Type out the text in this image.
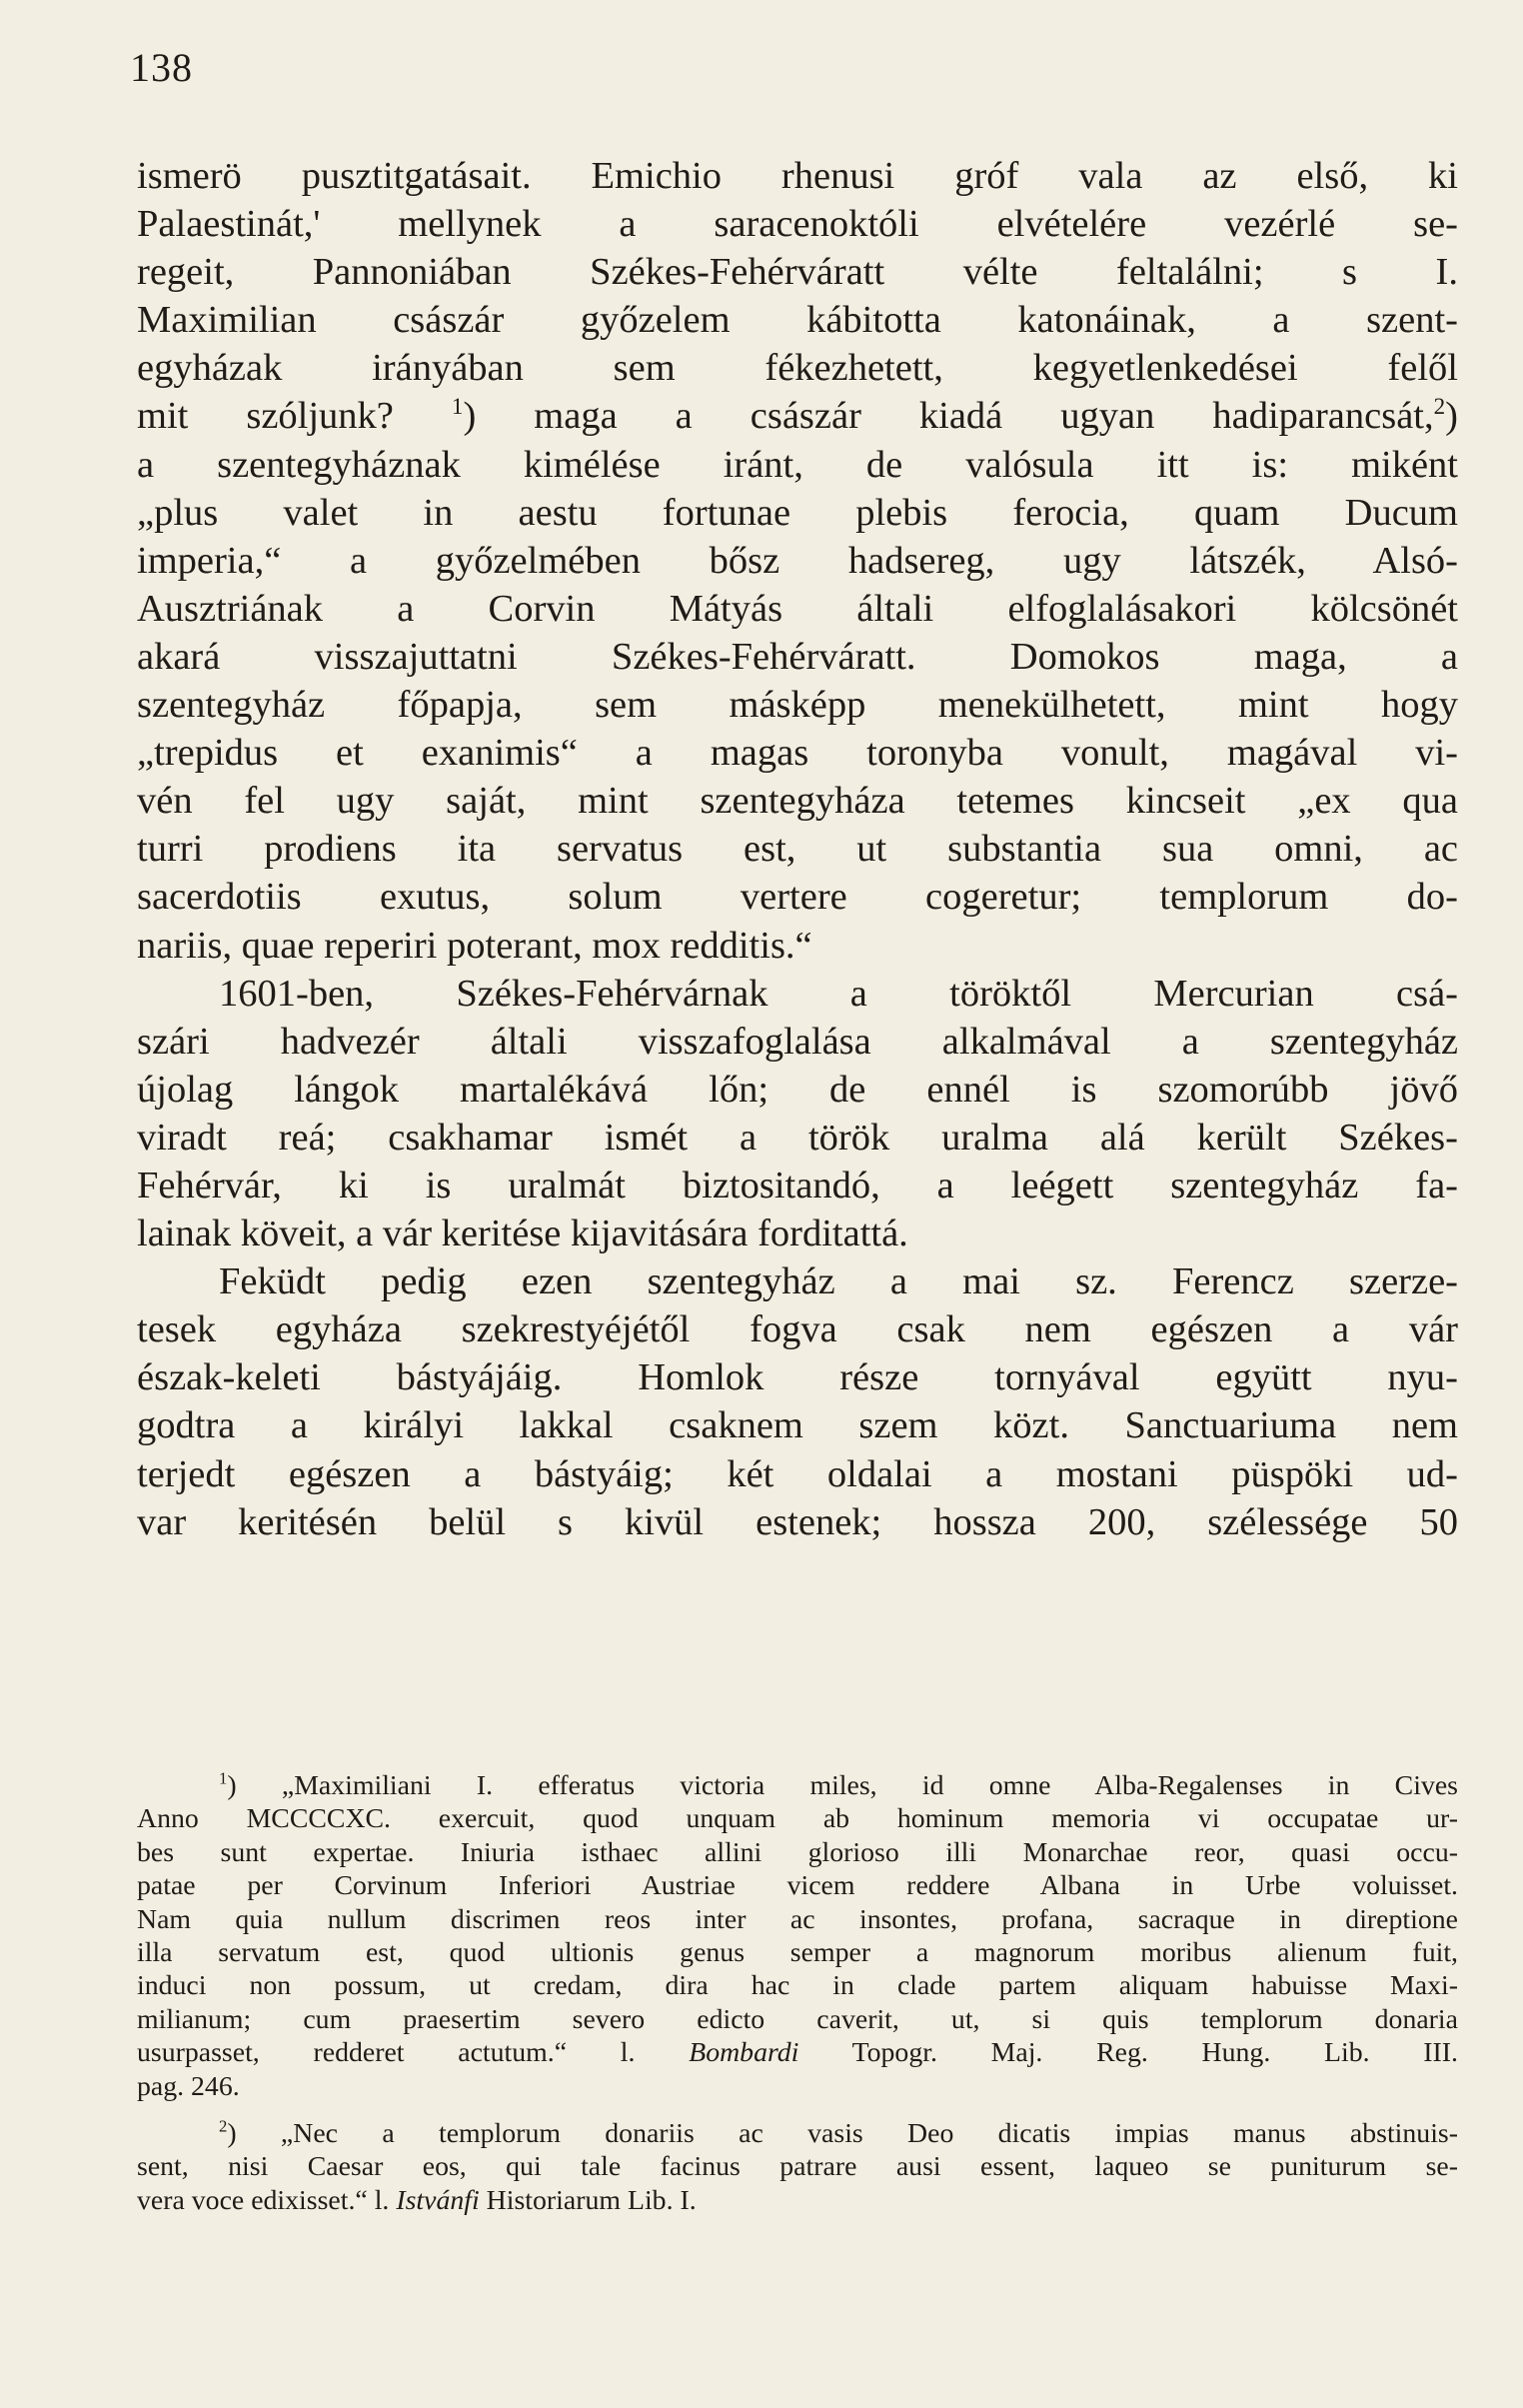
138
ismerö pusztitgatásait. Emichio rhenusi gróf vala az első, ki
Palaestinát,' mellynek a saracenoktóli elvételére vezérlé se-
regeit, Pannoniában Székes-Fehérváratt vélte feltalálni; s I.
Maximilian császár győzelem kábitotta katonáinak, a szent-
egyházak irányában sem fékezhetett, kegyetlenkedései felől
mit szóljunk?	$^1$) maga a császár kiadá ugyan hadiparancsát,$^2$)
a szentegyháznak kimélése iránt, de valósula itt is: miként
„plus valet in aestu fortunae plebis ferocia, quam Ducum
imperia,“ a győzelmében bősz hadsereg, ugy látszék, Alsó-
Ausztriának a Corvin Mátyás általi elfoglalásakori kölcsönét
akará visszajuttatni Székes-Fehérváratt. Domokos maga, a
szentegyház főpapja, sem másképp menekülhetett, mint hogy
„trepidus et exanimis“ a magas toronyba vonult, magával vi-
vén fel ugy saját, mint szentegyháza tetemes kincseit „ex qua
turri prodiens ita servatus est, ut substantia sua omni, ac
sacerdotiis exutus, solum vertere cogeretur; templorum do-
nariis, quae reperiri poterant, mox redditis.“
1601-ben, Székes-Fehérvárnak a töröktől Mercurian csá-
szári hadvezér általi visszafoglalása alkalmával a szentegyház
újolag lángok martalékává lőn; de ennél is szomorúbb jövő
viradt reá; csakhamar ismét a török uralma alá került Székes-
Fehérvár, ki is uralmát biztositandó, a leégett szentegyház fa-
lainak köveit, a vár keritése kijavitására forditattá.
Feküdt pedig ezen szentegyház a mai sz. Ferencz szerze-
tesek egyháza szekrestyéjétől fogva csak nem egészen a vár
észak-keleti bástyájáig. Homlok része tornyával együtt nyu-
godtra a királyi lakkal csaknem szem közt. Sanctuariuma nem
terjedt egészen a bástyáig; két oldalai a mostani püspöki ud-
var keritésén belül s kivül estenek; hossza 200, szélessége 50
$^1$) „Maximiliani I. efferatus victoria miles, id omne Alba-Regalenses in Cives
Anno MCCCCXC. exercuit, quod unquam ab hominum memoria vi occupatae ur-
bes sunt expertae. Iniuria isthaec allini glorioso illi Monarchae reor, quasi occu-
patae per Corvinum Inferiori Austriae vicem reddere Albana in Urbe voluisset.
Nam quia nullum discrimen reos inter ac insontes, profana, sacraque in direptione
illa servatum est, quod ultionis genus semper a magnorum moribus alienum fuit,
induci non possum, ut credam, dira hac in clade partem aliquam habuisse Maxi-
milianum; cum praesertim severo edicto caverit, ut, si quis templorum donaria
usurpasset, redderet actutum.“ l. Bombardi Topogr. Maj. Reg. Hung. Lib. III.
pag. 246.
$^2$) „Nec a templorum donariis ac vasis Deo dicatis impias manus abstinuis-
sent, nisi Caesar eos, qui tale facinus patrare ausi essent, laqueo se puniturum se-
vera voce edixisset.“ l. Istvánfi Historiarum Lib. I.
